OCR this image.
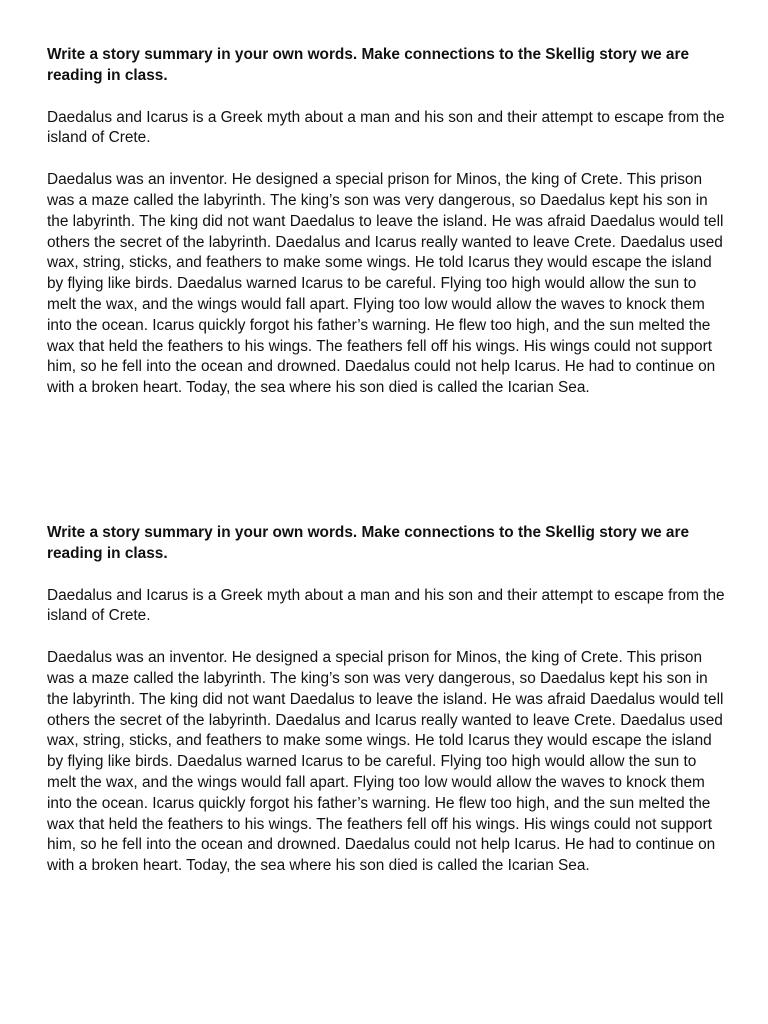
Write a story summary in your own words. Make connections to the Skellig story we are reading in class.

Daedalus and Icarus is a Greek myth about a man and his son and their attempt to escape from the island of Crete.

Daedalus was an inventor. He designed a special prison for Minos, the king of Crete. This prison was a maze called the labyrinth. The king’s son was very dangerous, so Daedalus kept his son in the labyrinth. The king did not want Daedalus to leave the island. He was afraid Daedalus would tell others the secret of the labyrinth. Daedalus and Icarus really wanted to leave Crete. Daedalus used wax, string, sticks, and feathers to make some wings. He told Icarus they would escape the island by flying like birds. Daedalus warned Icarus to be careful. Flying too high would allow the sun to melt the wax, and the wings would fall apart. Flying too low would allow the waves to knock them into the ocean. Icarus quickly forgot his father’s warning. He flew too high, and the sun melted the wax that held the feathers to his wings. The feathers fell off his wings. His wings could not support him, so he fell into the ocean and drowned. Daedalus could not help Icarus. He had to continue on with a broken heart. Today, the sea where his son died is called the Icarian Sea.

Write a story summary in your own words. Make connections to the Skellig story we are reading in class.

Daedalus and Icarus is a Greek myth about a man and his son and their attempt to escape from the island of Crete.

Daedalus was an inventor. He designed a special prison for Minos, the king of Crete. This prison was a maze called the labyrinth. The king’s son was very dangerous, so Daedalus kept his son in the labyrinth. The king did not want Daedalus to leave the island. He was afraid Daedalus would tell others the secret of the labyrinth. Daedalus and Icarus really wanted to leave Crete. Daedalus used wax, string, sticks, and feathers to make some wings. He told Icarus they would escape the island by flying like birds. Daedalus warned Icarus to be careful. Flying too high would allow the sun to melt the wax, and the wings would fall apart. Flying too low would allow the waves to knock them into the ocean. Icarus quickly forgot his father’s warning. He flew too high, and the sun melted the wax that held the feathers to his wings. The feathers fell off his wings. His wings could not support him, so he fell into the ocean and drowned. Daedalus could not help Icarus. He had to continue on with a broken heart. Today, the sea where his son died is called the Icarian Sea.
